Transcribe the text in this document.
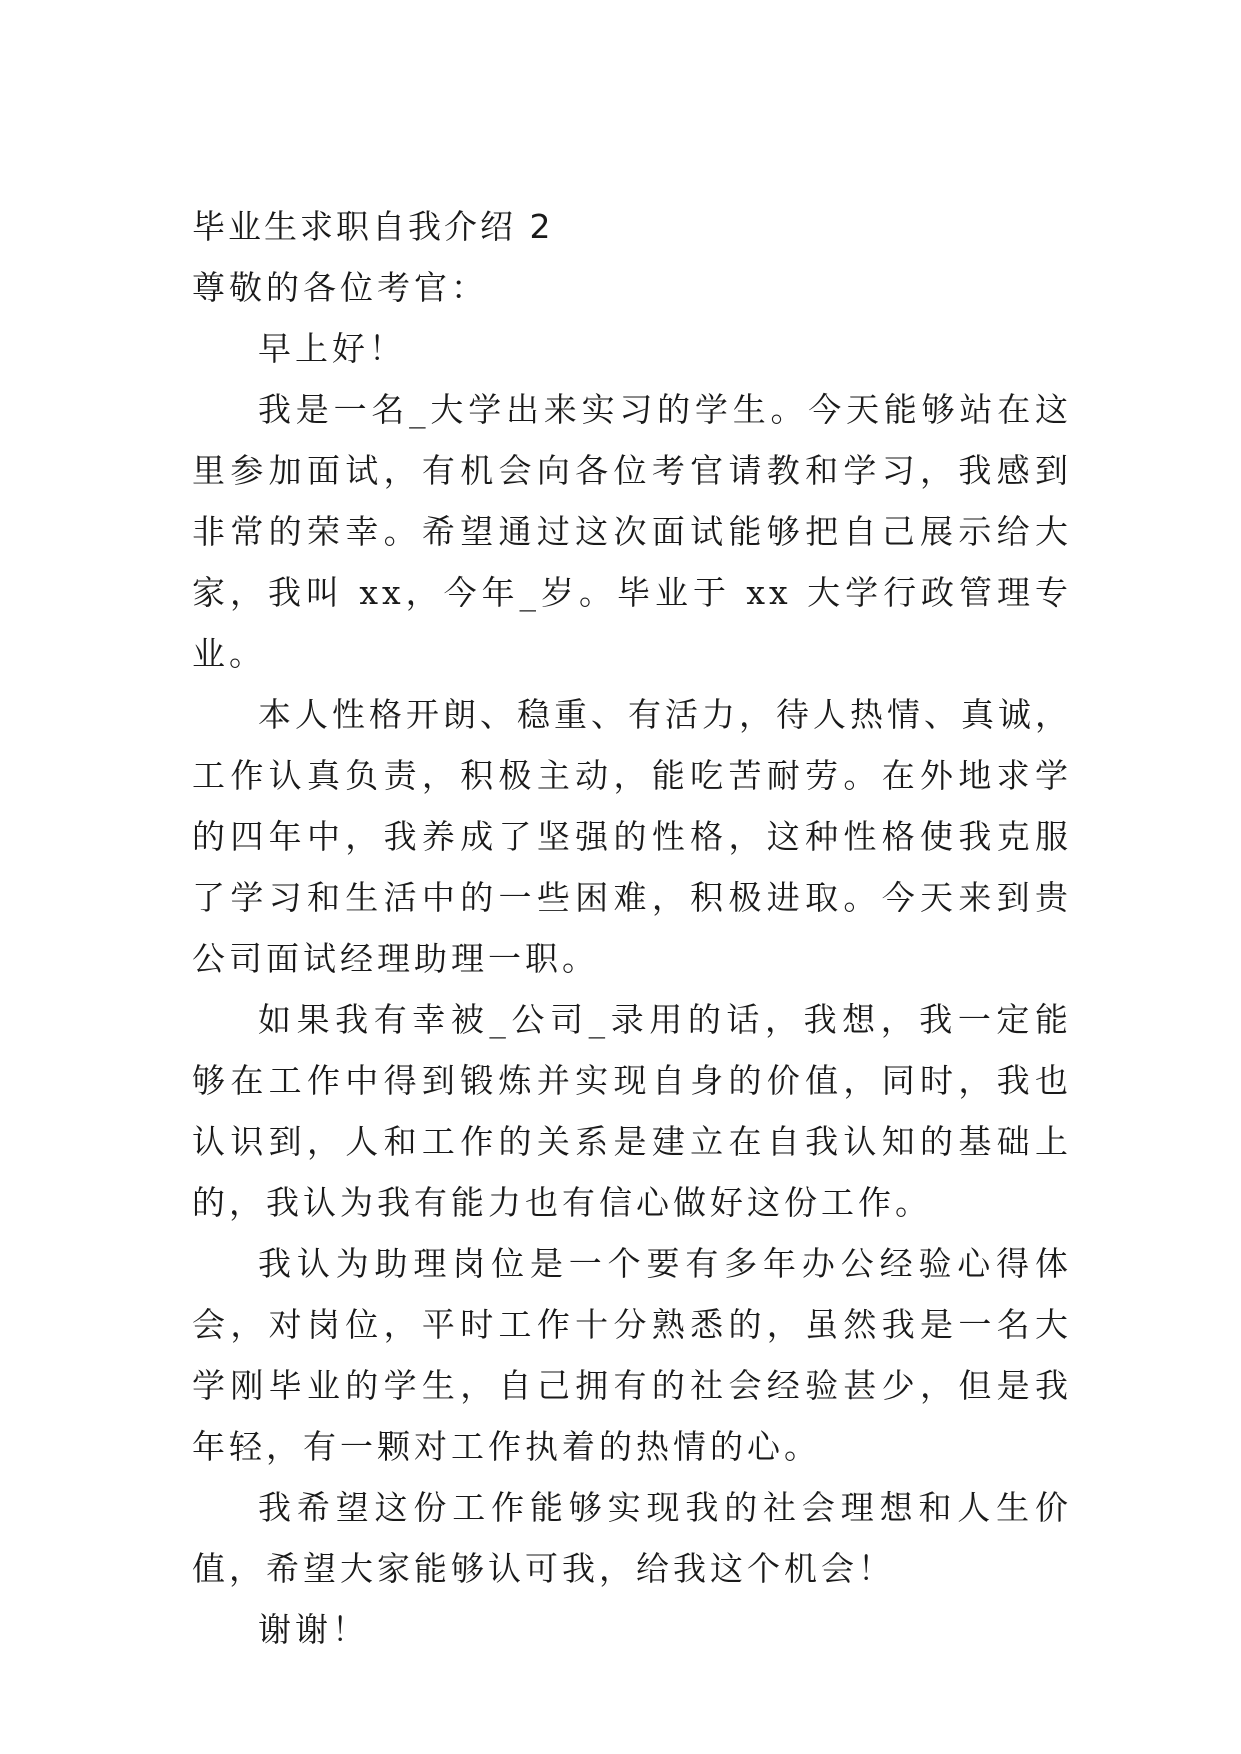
毕业生求职自我介绍 2

尊敬的各位考官：

早上好！

我是一名_大学出来实习的学生。今天能够站在这里参加面试，有机会向各位考官请教和学习，我感到非常的荣幸。希望通过这次面试能够把自己展示给大家，我叫 xx，今年_岁。毕业于 xx 大学行政管理专业。

本人性格开朗、稳重、有活力，待人热情、真诚，工作认真负责，积极主动，能吃苦耐劳。在外地求学的四年中，我养成了坚强的性格，这种性格使我克服了学习和生活中的一些困难，积极进取。今天来到贵公司面试经理助理一职。

如果我有幸被_公司_录用的话，我想，我一定能够在工作中得到锻炼并实现自身的价值，同时，我也认识到，人和工作的关系是建立在自我认知的基础上的，我认为我有能力也有信心做好这份工作。

我认为助理岗位是一个要有多年办公经验心得体会，对岗位，平时工作十分熟悉的，虽然我是一名大学刚毕业的学生，自己拥有的社会经验甚少，但是我年轻，有一颗对工作执着的热情的心。

我希望这份工作能够实现我的社会理想和人生价值，希望大家能够认可我，给我这个机会！

谢谢！
